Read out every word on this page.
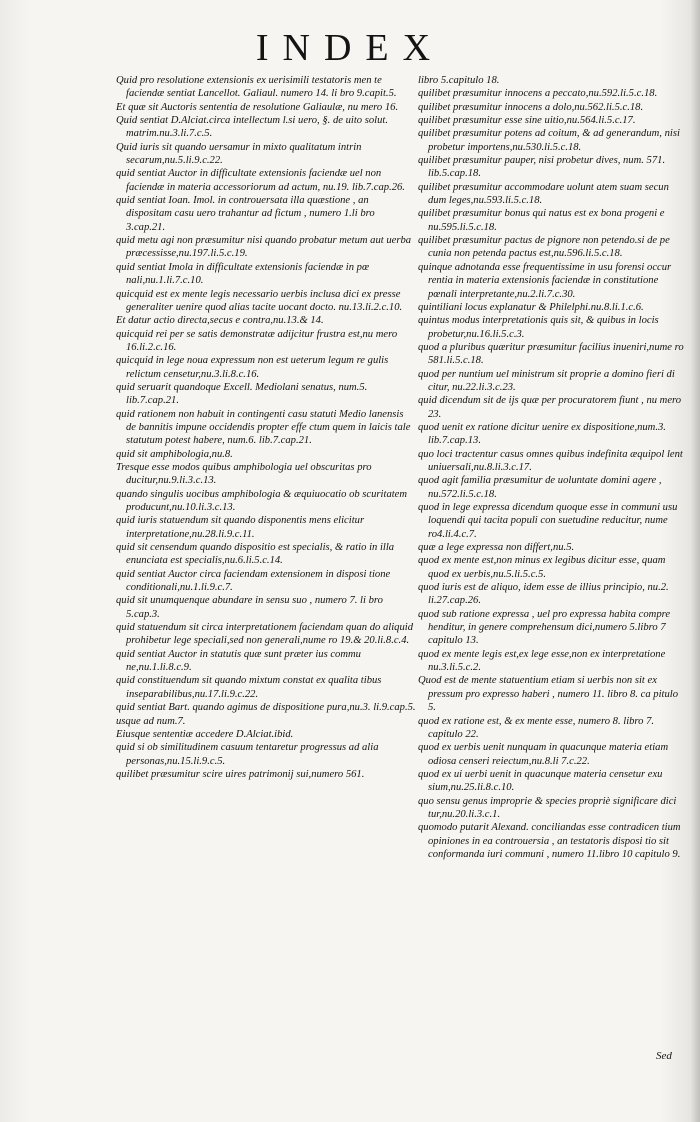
INDEX
Quid pro resolutione extensionis ex uerisimili testatoris men te faciendæ sentiat Lancellot. Galiaul. numero 14. li bro 9.capit.5.
Et quæ sit Auctoris sententia de resolutione Galiaulæ, nu mero 16.
Quid sentiat D.Alciat.circa intellectum l.si uero, §. de uito solut. matrim.nu.3.li.7.c.5.
Quid iuris sit quando uersamur in mixto qualitatum intrin secarum,nu.5.li.9.c.22.
quid sentiat Auctor in difficultate extensionis faciendæ uel non faciendæ in materia accessoriorum ad actum, nu.19. lib.7.cap.26.
quid sentiat Ioan. Imol. in controuersata illa quæstione , an dispositam casu uero trahantur ad fictum , numero 1.li bro 3.cap.21.
quid metu agi non præsumitur nisi quando probatur metum aut uerba præcessisse,nu.197.li.5.c.19.
quid sentiat Imola in difficultate extensionis faciendæ in pœ nali,nu.1.li.7.c.10.
quicquid est ex mente legis necessario uerbis inclusa dici ex presse generaliter uenire quod alias tacite uocant docto. nu.13.li.2.c.10.
Et datur actio directa,secus e contra,nu.13.& 14.
quicquid rei per se satis demonstratæ adijcitur frustra est,nu mero 16.li.2.c.16.
quicquid in lege noua expressum non est ueterum legum re gulis relictum censetur,nu.3.li.8.c.16.
quid seruarit quandoque Excell. Mediolani senatus, num.5. lib.7.cap.21.
quid rationem non habuit in contingenti casu statuti Medio lanensis de bannitis impune occidendis propter effe ctum quem in laicis tale statutum potest habere, num.6. lib.7.cap.21.
quid sit amphibologia,nu.8.
Tresque esse modos quibus amphibologia uel obscuritas pro ducitur,nu.9.li.3.c.13.
quando singulis uocibus amphibologia & æquiuocatio ob scuritatem producunt,nu.10.li.3.c.13.
quid iuris statuendum sit quando disponentis mens elicitur interpretatione,nu.28.li.9.c.11.
quid sit censendum quando dispositio est specialis, & ratio in illa enunciata est specialis,nu.6.li.5.c.14.
quid sentiat Auctor circa faciendam extensionem in disposi tione conditionali,nu.1.li.9.c.7.
quid sit unumquenque abundare in sensu suo , numero 7. li bro 5.cap.3.
quid statuendum sit circa interpretationem faciendam quan do aliquid prohibetur lege speciali,sed non generali,nume ro 19.& 20.li.8.c.4.
quid sentiat Auctor in statutis quæ sunt præter ius commu ne,nu.1.li.8.c.9.
quid constituendum sit quando mixtum constat ex qualita tibus inseparabilibus,nu.17.li.9.c.22.
quid sentiat Bart. quando agimus de dispositione pura,nu.3. li.9.cap.5.
usque ad num.7.
Eiusque sententiæ accedere D.Alciat.ibid.
quid si ob similitudinem casuum tentaretur progressus ad alia personas,nu.15.li.9.c.5.
quilibet præsumitur scire uires patrimonij sui,numero 561.
libro 5.capitulo 18.
quilibet præsumitur innocens a peccato,nu.592.li.5.c.18.
quilibet præsumitur innocens a dolo,nu.562.li.5.c.18.
quilibet præsumitur esse sine uitio,nu.564.li.5.c.17.
quilibet præsumitur potens ad coitum, & ad generandum, nisi probetur importens,nu.530.li.5.c.18.
quilibet præsumitur pauper, nisi probetur dives, num. 571. lib.5.cap.18.
quilibet præsumitur accommodare uolunt atem suam secun dum leges,nu.593.li.5.c.18.
quilibet præsumitur bonus qui natus est ex bona progeni e nu.595.li.5.c.18.
quilibet præsumitur pactus de pignore non petendo.si de pe cunia non petenda pactus est,nu.596.li.5.c.18.
quinque adnotanda esse frequentissime in usu forensi occur rentia in materia extensionis faciendæ in constitutione pœnali interpretante,nu.2.li.7.c.30.
quintiliani locus explanatur & Philelphi.nu.8.li.1.c.6.
quintus modus interpretationis quis sit, & quibus in locis probetur,nu.16.li.5.c.3.
quod a pluribus quæritur præsumitur facilius inueniri,nume ro 581.li.5.c.18.
quod per nuntium uel ministrum sit proprie a domino fieri di citur, nu.22.li.3.c.23.
quid dicendum sit de ijs quæ per procuratorem fiunt , nu mero 23.
quod uenit ex ratione dicitur uenire ex dispositione,num.3. lib.7.cap.13.
quo loci tractentur casus omnes quibus indefinita æquipol lent uniuersali,nu.8.li.3.c.17.
quod agit familia præsumitur de uoluntate domini agere , nu.572.li.5.c.18.
quod in lege expressa dicendum quoque esse in communi usu loquendi qui tacita populi con suetudine reducitur, nume ro4.li.4.c.7.
quæ a lege expressa non differt,nu.5.
quod ex mente est,non minus ex legibus dicitur esse, quam quod ex uerbis,nu.5.li.5.c.5.
quod iuris est de aliquo, idem esse de illius principio, nu.2. li.27.cap.26.
quod sub ratione expressa , uel pro expressa habita compre henditur, in genere comprehensum dici,numero 5.libro 7 capitulo 13.
quod ex mente legis est,ex lege esse,non ex interpretatione nu.3.li.5.c.2.
Quod est de mente statuentium etiam si uerbis non sit ex pressum pro expresso haberi , numero 11. libro 8. ca pitulo 5.
quod ex ratione est, & ex mente esse, numero 8. libro 7. capitulo 22.
quod ex uerbis uenit nunquam in quacunque materia etiam odiosa censeri reiectum,nu.8.li 7.c.22.
quod ex ui uerbi uenit in quacunque materia censetur exu sium,nu.25.li.8.c.10.
quo sensu genus improprie & species propriè significare dici tur,nu.20.li.3.c.1.
quomodo putarit Alexand. conciliandas esse contradicen tium opiniones in ea controuersia , an testatoris disposi tio sit conformanda iuri communi , numero 11.libro 10 capitulo 9.
Sed
